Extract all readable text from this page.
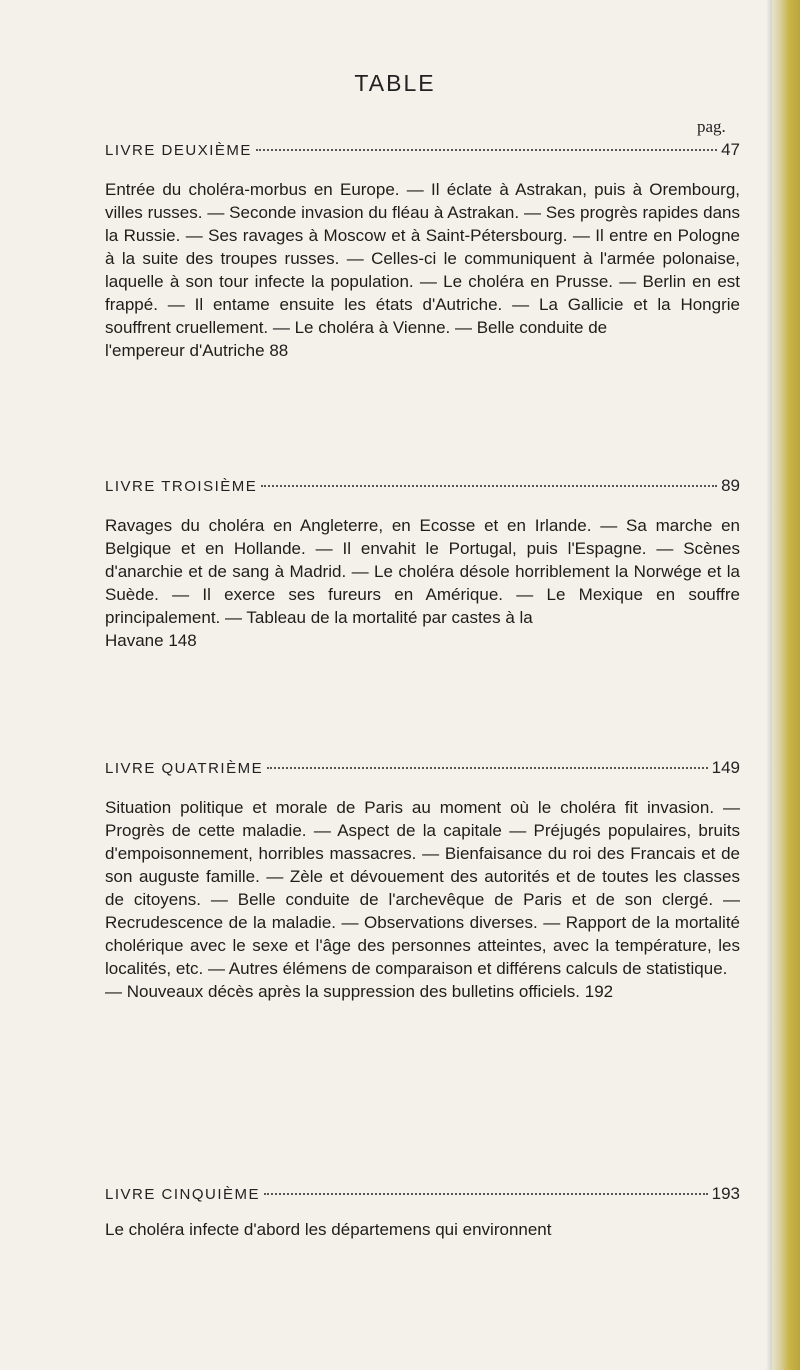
TABLE
pag.
LIVRE DEUXIÈME	47

Entrée du choléra-morbus en Europe. — Il éclate à Astrakan, puis à Orembourg, villes russes. — Seconde invasion du fléau à Astrakan. — Ses progrès rapides dans la Russie. — Ses ravages à Moscow et à Saint-Pétersbourg. — Il entre en Pologne à la suite des troupes russes. — Celles-ci le communiquent à l'armée polonaise, laquelle à son tour infecte la population. — Le choléra en Prusse. — Berlin en est frappé. — Il entame ensuite les états d'Autriche. — La Gallicie et la Hongrie souffrent cruellement. — Le choléra à Vienne. — Belle conduite de

l'empereur d'Autriche 88
LIVRE TROISIÈME	89

Ravages du choléra en Angleterre, en Ecosse et en Irlande. — Sa marche en Belgique et en Hollande. — Il envahit le Portugal, puis l'Espagne. — Scènes d'anarchie et de sang à Madrid. — Le choléra désole horriblement la Norwége et la Suède. — Il exerce ses fureurs en Amérique. — Le Mexique en souffre principalement. — Tableau de la mortalité par castes à la

Havane 148
LIVRE QUATRIÈME	149

Situation politique et morale de Paris au moment où le choléra fit invasion. — Progrès de cette maladie. — Aspect de la capitale — Préjugés populaires, bruits d'empoisonnement, horribles massacres. — Bienfaisance du roi des Francais et de son auguste famille. — Zèle et dévouement des autorités et de toutes les classes de citoyens. — Belle conduite de l'archevêque de Paris et de son clergé. — Recrudescence de la maladie. — Observations diverses. — Rapport de la mortalité cholérique avec le sexe et l'âge des personnes atteintes, avec la température, les localités, etc. — Autres élémens de comparaison et différens calculs de statistique.

— Nouveaux décès après la suppression des bulletins officiels. 192
LIVRE CINQUIÈME	193

Le choléra infecte d'abord les départemens qui environnent
